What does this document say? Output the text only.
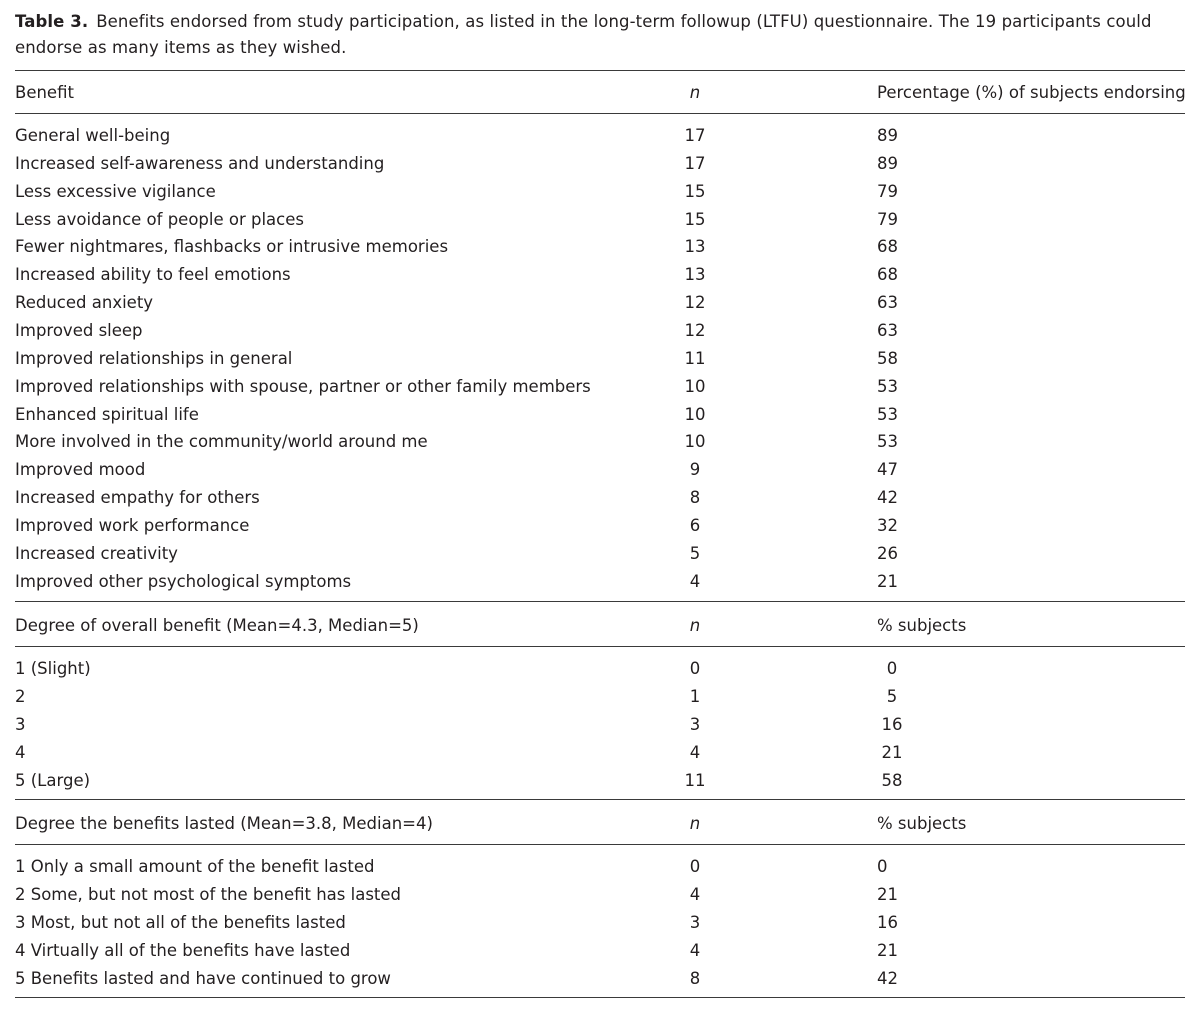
Table 3. Benefits endorsed from study participation, as listed in the long-term followup (LTFU) questionnaire. The 19 participants could endorse as many items as they wished.
Benefit	n	Percentage (%) of subjects endorsing
General well-being	17	89
Increased self-awareness and understanding	17	89
Less excessive vigilance	15	79
Less avoidance of people or places	15	79
Fewer nightmares, flashbacks or intrusive memories	13	68
Increased ability to feel emotions	13	68
Reduced anxiety	12	63
Improved sleep	12	63
Improved relationships in general	11	58
Improved relationships with spouse, partner or other family members	10	53
Enhanced spiritual life	10	53
More involved in the community/world around me	10	53
Improved mood	9	47
Increased empathy for others	8	42
Improved work performance	6	32
Increased creativity	5	26
Improved other psychological symptoms	4	21
Degree of overall benefit (Mean=4.3, Median=5)	n	% subjects
1 (Slight)	0	0
2	1	5
3	3	16
4	4	21
5 (Large)	11	58
Degree the benefits lasted (Mean=3.8, Median=4)	n	% subjects
1 Only a small amount of the benefit lasted	0	0
2 Some, but not most of the benefit has lasted	4	21
3 Most, but not all of the benefits lasted	3	16
4 Virtually all of the benefits have lasted	4	21
5 Benefits lasted and have continued to grow	8	42
